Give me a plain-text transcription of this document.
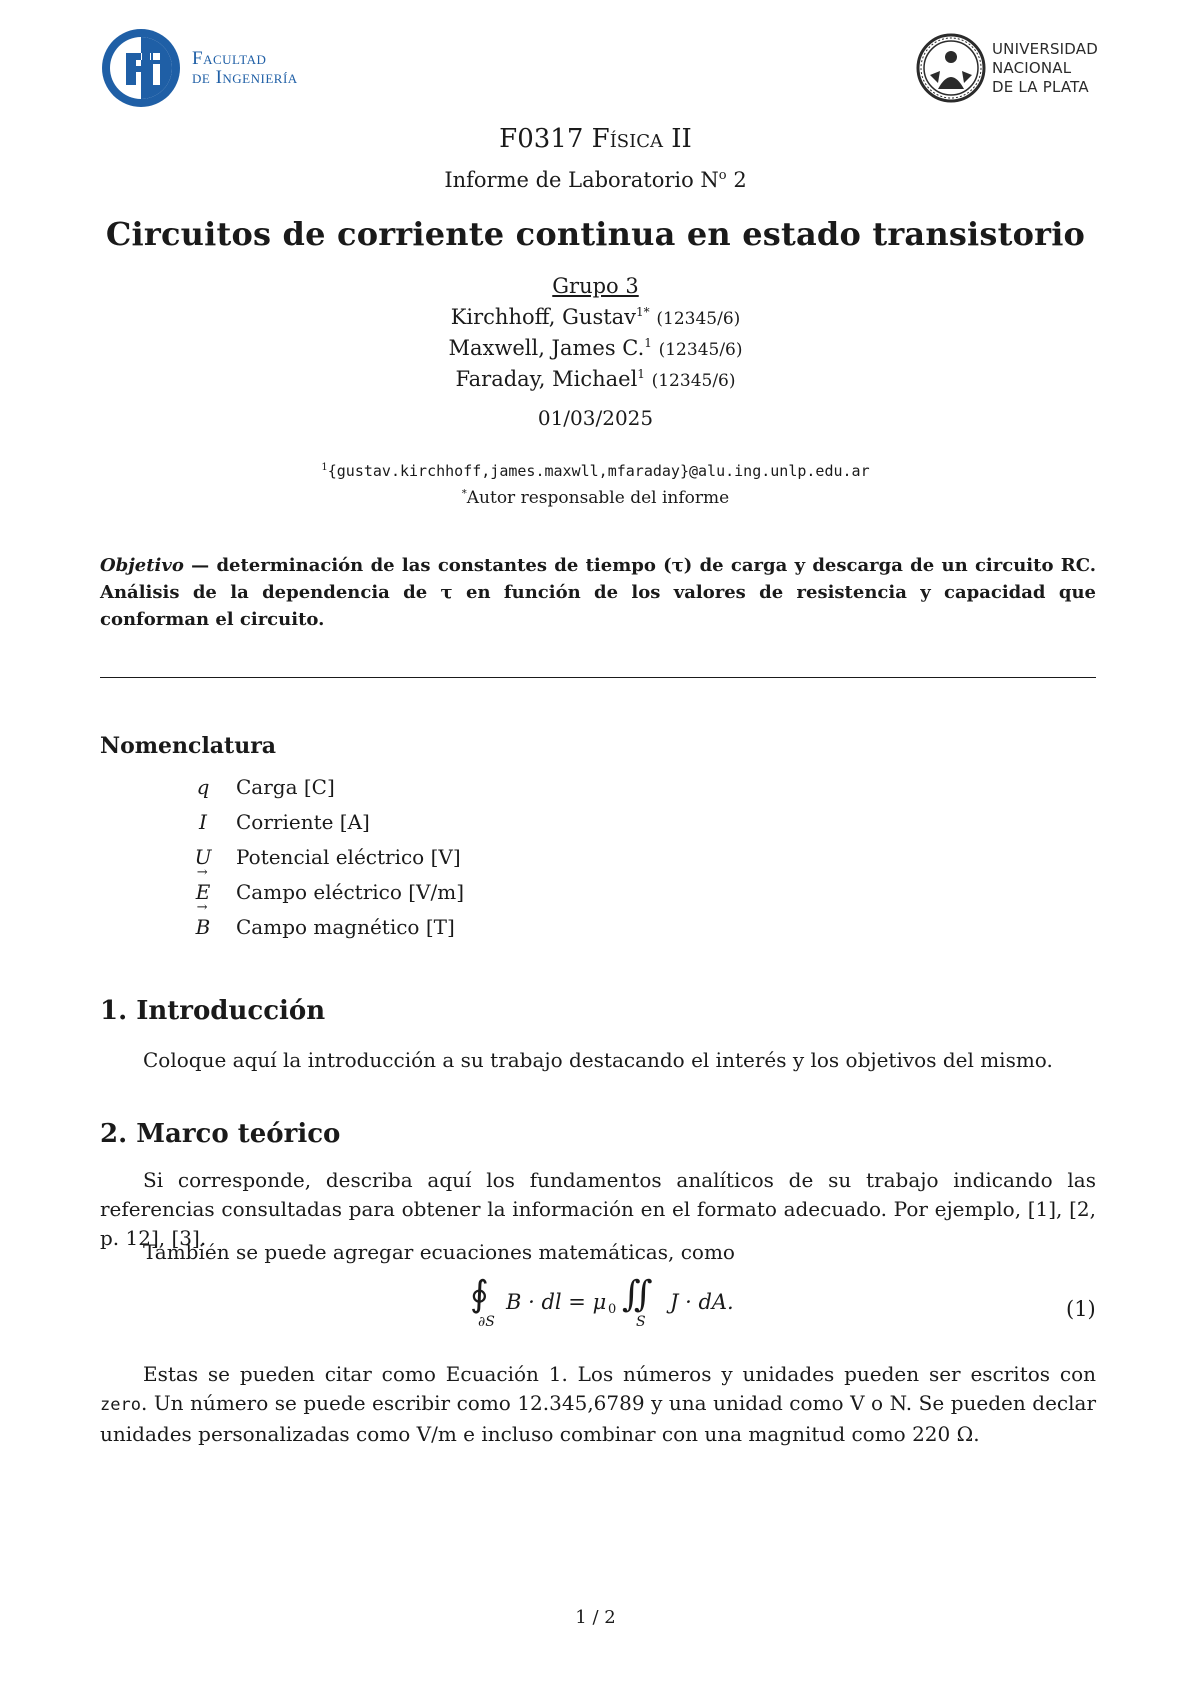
Facultad
de Ingeniería
UNIVERSIDAD
NACIONAL
DE LA PLATA
F0317 Física II
Informe de Laboratorio $N^o$ 2
Circuitos de corriente continua en estado transistorio
Grupo 3
Kirchhoff, Gustav$^{1*}$ (12345/6)
Maxwell, James C.$^1$ (12345/6)
Faraday, Michael$^1$ (12345/6)
01/03/2025
$^1${gustav.kirchhoff,james.maxwll,mfaraday}@alu.ing.unlp.edu.ar
*Autor responsable del informe
Objetivo — determinación de las constantes de tiempo (τ) de carga y descarga de un circuito RC. Análisis de la dependencia de τ en función de los valores de resistencia y capacidad que conforman el circuito.
Nomenclatura
q	Carga [C]
I	Corriente [A]
U	Potencial eléctrico [V]
→ E	Campo eléctrico [V/m]
→ B	Campo magnético [T]
1. Introducción
Coloque aquí la introducción a su trabajo destacando el interés y los objetivos del mismo.
2. Marco teórico
Si corresponde, describa aquí los fundamentos analíticos de su trabajo indicando las referencias consultadas para obtener la información en el formato adecuado. Por ejemplo, [1], [2, p. 12], [3].
También se puede agregar ecuaciones matemáticas, como
∮
∂S
B · dl = μ 0 ∬
S
J · dA.	(1)
Estas se pueden citar como Ecuación 1. Los números y unidades pueden ser escritos con zero. Un número se puede escribir como 12.345,6789 y una unidad como V o N. Se pueden declar unidades personalizadas como V/m e incluso combinar con una magnitud como 220 Ω.
1 / 2
